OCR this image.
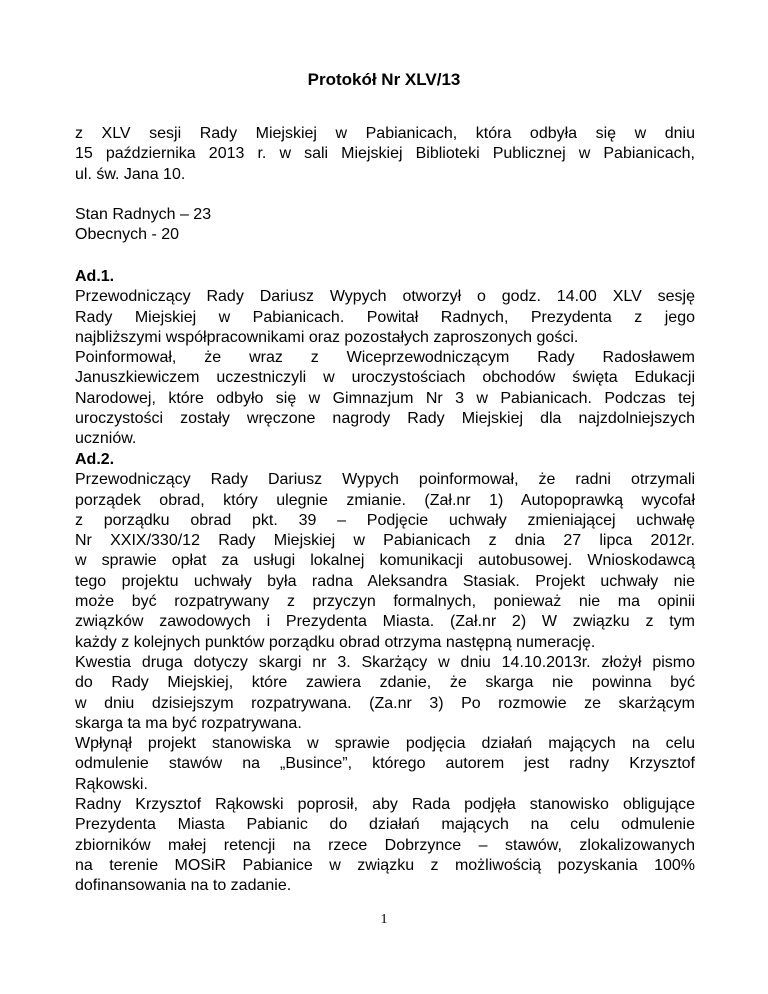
Protokół Nr XLV/13
z XLV sesji Rady Miejskiej w Pabianicach, która odbyła się w dniu
15 października 2013 r. w sali Miejskiej Biblioteki Publicznej w Pabianicach,
ul. św. Jana 10.
Stan Radnych – 23
Obecnych - 20
Ad.1.
Przewodniczący Rady Dariusz Wypych otworzył o godz. 14.00 XLV sesję
Rady Miejskiej w Pabianicach. Powitał Radnych, Prezydenta z jego
najbliższymi współpracownikami oraz pozostałych zaproszonych gości.
Poinformował, że wraz z Wiceprzewodniczącym Rady Radosławem
Januszkiewiczem uczestniczyli w uroczystościach obchodów święta Edukacji
Narodowej, które odbyło się w Gimnazjum Nr 3 w Pabianicach. Podczas tej
uroczystości zostały wręczone nagrody Rady Miejskiej dla najzdolniejszych
uczniów.
Ad.2.
Przewodniczący Rady Dariusz Wypych poinformował, że radni otrzymali
porządek obrad, który ulegnie zmianie. (Zał.nr 1) Autopoprawką wycofał
z porządku obrad pkt. 39 – Podjęcie uchwały zmieniającej uchwałę
Nr XXIX/330/12 Rady Miejskiej w Pabianicach z dnia 27 lipca 2012r.
w sprawie opłat za usługi lokalnej komunikacji autobusowej. Wnioskodawcą
tego projektu uchwały była radna Aleksandra Stasiak. Projekt uchwały nie
może być rozpatrywany z przyczyn formalnych, ponieważ nie ma opinii
związków zawodowych i Prezydenta Miasta. (Zał.nr 2) W związku z tym
każdy z kolejnych punktów porządku obrad otrzyma następną numerację.
Kwestia druga dotyczy skargi nr 3. Skarżący w dniu 14.10.2013r. złożył pismo
do Rady Miejskiej, które zawiera zdanie, że skarga nie powinna być
w dniu dzisiejszym rozpatrywana. (Za.nr 3) Po rozmowie ze skarżącym
skarga ta ma być rozpatrywana.
Wpłynął projekt stanowiska w sprawie podjęcia działań mających na celu
odmulenie stawów na „Busince”, którego autorem jest radny Krzysztof
Rąkowski.
Radny Krzysztof Rąkowski poprosił, aby Rada podjęła stanowisko obligujące
Prezydenta Miasta Pabianic do działań mających na celu odmulenie
zbiorników małej retencji na rzece Dobrzynce – stawów, zlokalizowanych
na terenie MOSiR Pabianice w związku z możliwością pozyskania 100%
dofinansowania na to zadanie.
1
